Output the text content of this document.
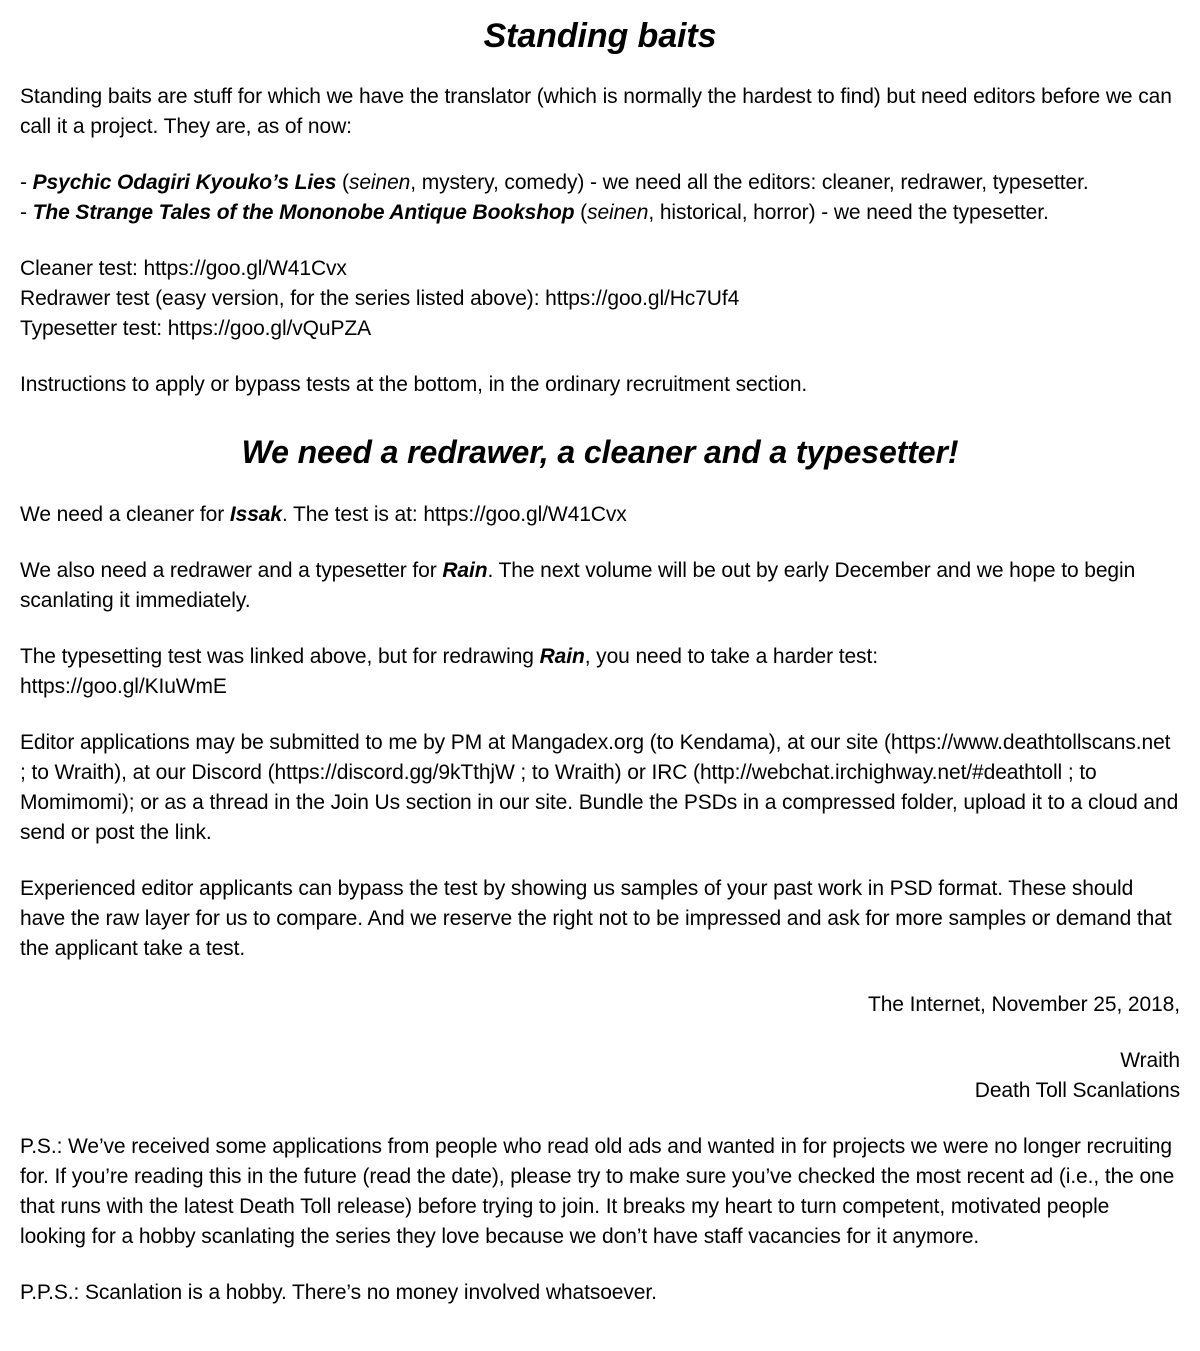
Standing baits

Standing baits are stuff for which we have the translator (which is normally the hardest to find) but need editors before we can call it a project. They are, as of now:

- Psychic Odagiri Kyouko’s Lies (seinen, mystery, comedy) - we need all the editors: cleaner, redrawer, typesetter.
- The Strange Tales of the Mononobe Antique Bookshop (seinen, historical, horror) - we need the typesetter.

Cleaner test: https://goo.gl/W41Cvx
Redrawer test (easy version, for the series listed above): https://goo.gl/Hc7Uf4
Typesetter test: https://goo.gl/vQuPZA

Instructions to apply or bypass tests at the bottom, in the ordinary recruitment section.

We need a redrawer, a cleaner and a typesetter!

We need a cleaner for Issak. The test is at: https://goo.gl/W41Cvx

We also need a redrawer and a typesetter for Rain. The next volume will be out by early December and we hope to begin scanlating it immediately.

The typesetting test was linked above, but for redrawing Rain, you need to take a harder test:
https://goo.gl/KIuWmE

Editor applications may be submitted to me by PM at Mangadex.org (to Kendama), at our site (https://www.deathtollscans.net ; to Wraith), at our Discord (https://discord.gg/9kTthjW ; to Wraith) or IRC (http://webchat.irchighway.net/#deathtoll ; to Momimomi); or as a thread in the Join Us section in our site. Bundle the PSDs in a compressed folder, upload it to a cloud and send or post the link.

Experienced editor applicants can bypass the test by showing us samples of your past work in PSD format. These should have the raw layer for us to compare. And we reserve the right not to be impressed and ask for more samples or demand that the applicant take a test.

The Internet, November 25, 2018,

Wraith
Death Toll Scanlations

P.S.: We’ve received some applications from people who read old ads and wanted in for projects we were no longer recruiting for. If you’re reading this in the future (read the date), please try to make sure you’ve checked the most recent ad (i.e., the one that runs with the latest Death Toll release) before trying to join. It breaks my heart to turn competent, motivated people looking for a hobby scanlating the series they love because we don’t have staff vacancies for it anymore.

P.P.S.: Scanlation is a hobby. There’s no money involved whatsoever.
